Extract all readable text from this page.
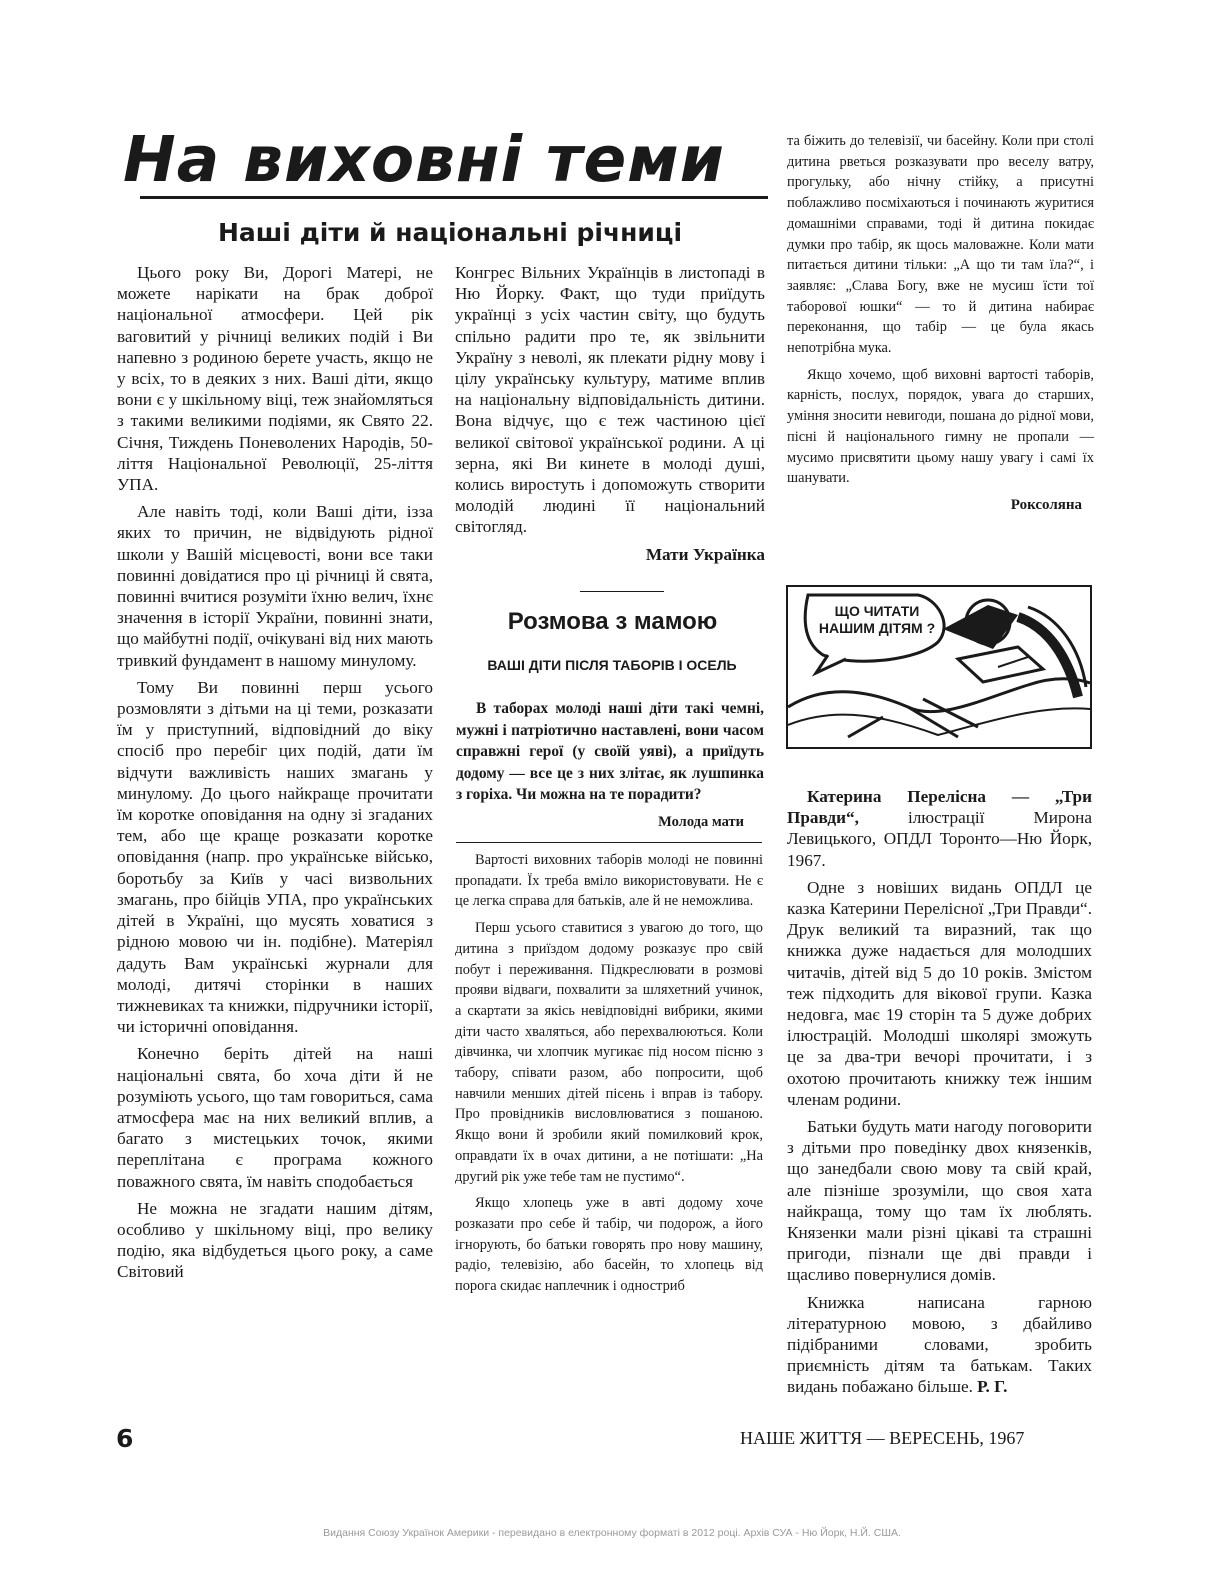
На виховні теми
Наші діти й національні річниці

Цього року Ви, Дорогі Матері, не можете нарікати на брак доброї національної атмосфери. Цей рік ваговитий у річниці великих подій і Ви напевно з родиною берете участь, якщо не у всіх, то в деяких з них. Ваші діти, якщо вони є у шкільному віці, теж знайомляться з такими великими подіями, як Свято 22. Січня, Тиждень Поневолених Народів, 50-ліття Національної Революції, 25-ліття УПА.

Але навіть тоді, коли Ваші діти, ізза яких то причин, не відвідують рідної школи у Вашій місцевості, вони все таки повинні довідатися про ці річниці й свята, повинні вчитися розуміти їхню велич, їхнє значення в історії України, повинні знати, що майбутні події, очікувані від них мають тривкий фундамент в нашому минулому.

Тому Ви повинні перш усього розмовляти з дітьми на ці теми, розказати їм у приступний, відповідний до віку спосіб про перебіг цих подій, дати їм відчути важливість наших змагань у минулому. До цього найкраще прочитати їм коротке оповідання на одну зі згаданих тем, або ще краще розказати коротке оповідання (напр. про українське військо, боротьбу за Київ у часі визвольних змагань, про бійців УПА, про українських дітей в Україні, що мусять ховатися з рідною мовою чи ін. подібне). Матеріял дадуть Вам українські журнали для молоді, дитячі сторінки в наших тижневиках та книжки, підручники історії, чи історичні оповідання.

Конечно беріть дітей на наші національні свята, бо хоча діти й не розуміють усього, що там говориться, сама атмосфера має на них великий вплив, а багато з мистецьких точок, якими переплітана є програма кожного поважного свята, їм навіть сподобається

Не можна не згадати нашим дітям, особливо у шкільному віці, про велику подію, яка відбудеться цього року, а саме Світовий

Конгрес Вільних Українців в листопаді в Ню Йорку. Факт, що туди приїдуть українці з усіх частин світу, що будуть спільно радити про те, як звільнити Україну з неволі, як плекати рідну мову і цілу українську культуру, матиме вплив на національну відповідальність дитини. Вона відчує, що є теж частиною цієї великої світової української родини. А ці зерна, які Ви кинете в молоді душі, колись виростуть і допоможуть створити молодій людині її національний світогляд.

Мати Українка
Розмова з мамою
ВАШІ ДІТИ ПІСЛЯ ТАБОРІВ І ОСЕЛЬ

В таборах молоді наші діти такі чемні, мужні і патріотично наставлені, вони часом справжні герої (у своїй уяві), а приїдуть додому — все це з них злітає, як лушпинка з горіха. Чи можна на те порадити?

Молода мати

Вартості виховних таборів молоді не повинні пропадати. Їх треба вміло використовувати. Не є це легка справа для батьків, але й не неможлива.

Перш усього ставитися з увагою до того, що дитина з приїздом додому розказує про свій побут і переживання. Підкреслювати в розмові прояви відваги, похвалити за шляхетний учинок, а скартати за якісь невідповідні вибрики, якими діти часто хваляться, або перехвалюються. Коли дівчинка, чи хлопчик мугикає під носом пісню з табору, співати разом, або попросити, щоб навчили менших дітей пісень і вправ із табору. Про провідників висловлюватися з пошаною. Якщо вони й зробили який помилковий крок, оправдати їх в очах дитини, а не потішати: „На другий рік уже тебе там не пустимо“.

Якщо хлопець уже в авті додому хоче розказати про себе й табір, чи подорож, а його ігнорують, бо батьки говорять про нову машину, радіо, телевізію, або басейн, то хлопець від порога скидає наплечник і одностриб

та біжить до телевізії, чи басейну. Коли при столі дитина рветься розказувати про веселу ватру, прогульку, або нічну стійку, а присутні поблажливо посміхаються і починають журитися домашніми справами, тоді й дитина покидає думки про табір, як щось маловажне. Коли мати питається дитини тільки: „А що ти там їла?“, і заявляє: „Слава Богу, вже не мусиш їсти тої таборової юшки“ — то й дитина набирає переконання, що табір — це була якась непотрібна мука.

Якщо хочемо, щоб виховні вартості таборів, карність, послух, порядок, увага до старших, уміння зносити невигоди, пошана до рідної мови, пісні й національного гимну не пропали — мусимо присвятити цьому нашу увагу і самі їх шанувати.

Роксоляна
ЩО ЧИТАТИ НАШИМ ДІТЯМ ?

Катерина Перелісна — „Три Правди“,	ілюстрації Мирона Левицького, ОПДЛ Торонто—Ню Йорк, 1967.

Одне з новіших видань ОПДЛ це казка Катерини Перелісної „Три Правди“. Друк великий та виразний, так що книжка дуже надається для молодших читачів, дітей від 5 до 10 років. Змістом теж підходить для вікової групи. Казка недовга, має 19 сторін та 5 дуже добрих ілюстрацій. Молодші школярі зможуть це за два-три вечорі прочитати, і з охотою прочитають книжку теж іншим членам родини.

Батьки будуть мати нагоду поговорити з дітьми про поведінку двох князенків, що занедбали свою мову та свій край, але пізніше зрозуміли, що своя хата найкраща, тому що там їх люблять. Князенки мали різні цікаві та страшні пригоди, пізнали ще дві правди і щасливо повернулися домів.

Книжка написана гарною літературною мовою, з дбайливо підібраними словами, зробить приємність дітям та батькам. Таких видань побажано більше. Р. Г.

6	НАШЕ ЖИТТЯ — ВЕРЕСЕНЬ, 1967
Видання Союзу Українок Америки - перевидано в електронному форматі в 2012 році. Архів СУА - Ню Йорк, Н.Й. США.
